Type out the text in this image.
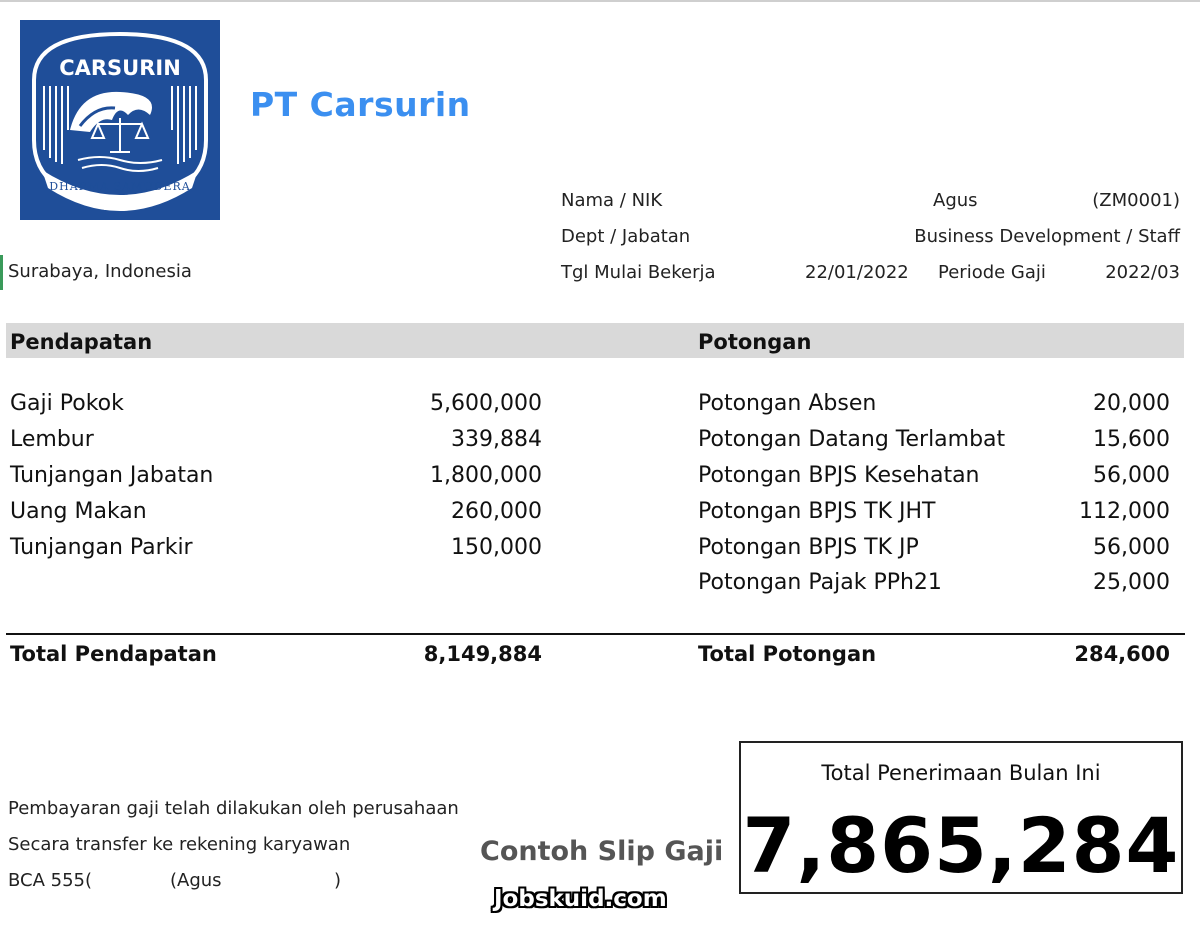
CARSURIN
DHARMA SAMUDERA
1968
PT Carsurin
Surabaya, Indonesia
Nama / NIK	Agus	(ZM0001)
Dept / Jabatan	Business Development / Staff
Tgl Mulai Bekerja	22/01/2022 Periode Gaji	2022/03
Pendapatan	Potongan
Gaji Pokok	5,600,000
Lembur	339,884
Tunjangan Jabatan	1,800,000
Uang Makan	260,000
Tunjangan Parkir	150,000
Potongan Absen	20,000
Potongan Datang Terlambat	15,600
Potongan BPJS Kesehatan	56,000
Potongan BPJS TK JHT	112,000
Potongan BPJS TK JP	56,000
Potongan Pajak PPh21	25,000
Total Pendapatan	8,149,884	Total Potongan	284,600
Pembayaran gaji telah dilakukan oleh perusahaan
Secara transfer ke rekening karyawan
BCA 555(	(Agus	)
Total Penerimaan Bulan Ini
7,865,284
Contoh Slip Gaji
Jobskuid.com
